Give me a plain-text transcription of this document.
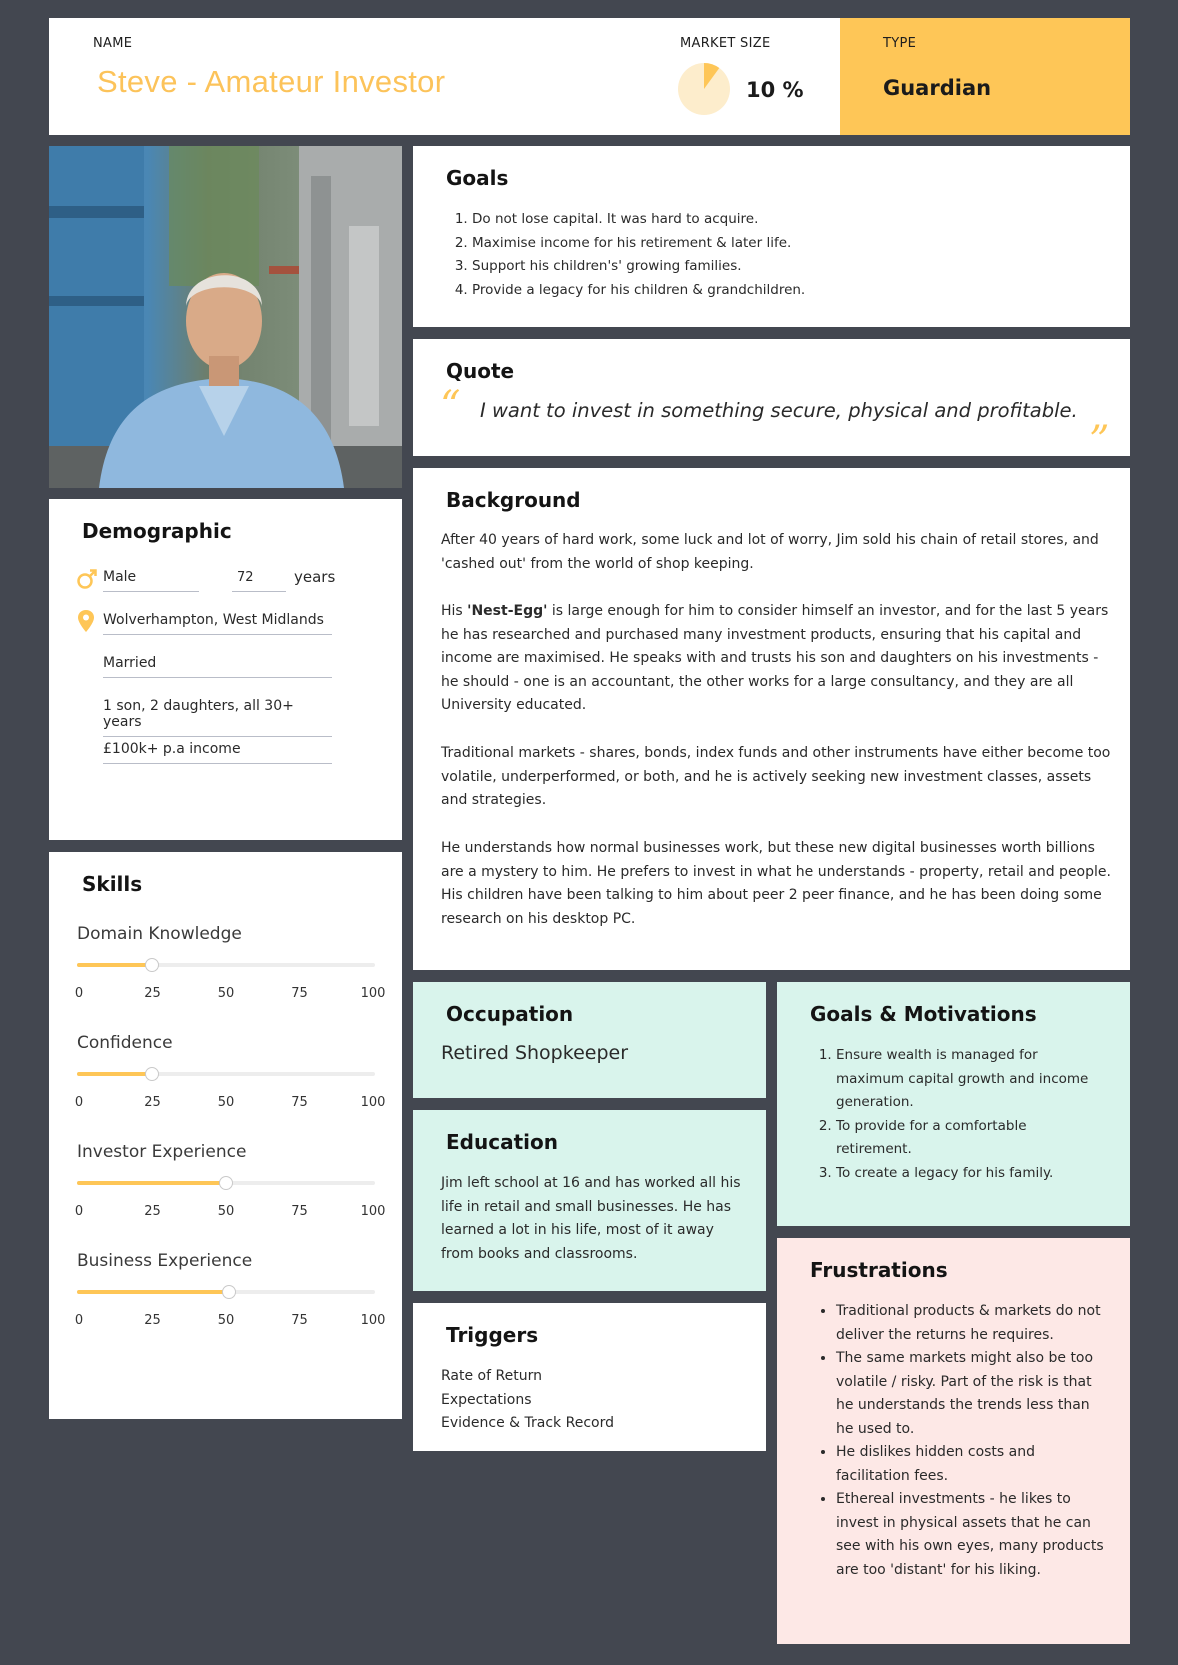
NAME
Steve - Amateur Investor
MARKET SIZE
10 %
TYPE
Guardian
Demographic
Male	72	years
Wolverhampton, West Midlands
Married
1 son, 2 daughters, all 30+ years
£100k+ p.a income
Skills
Domain Knowledge
0	25	50	75	100
Confidence
0	25	50	75	100
Investor Experience
0	25	50	75	100
Business Experience
0	25	50	75	100
Goals
1. Do not lose capital. It was hard to acquire.
2. Maximise income for his retirement & later life.
3. Support his children's' growing families.
4. Provide a legacy for his children & grandchildren.
Quote
“ I want to invest in something secure, physical and profitable.
”
Background

After 40 years of hard work, some luck and lot of worry, Jim sold his chain of retail stores, and 'cashed out' from the world of shop keeping.

His 'Nest-Egg' is large enough for him to consider himself an investor, and for the last 5 years he has researched and purchased many investment products, ensuring that his capital and income are maximised. He speaks with and trusts his son and daughters on his investments - he should - one is an accountant, the other works for a large consultancy, and they are all University educated.

Traditional markets - shares, bonds, index funds and other instruments have either become too volatile, underperformed, or both, and he is actively seeking new investment classes, assets and strategies.

He understands how normal businesses work, but these new digital businesses worth billions are a mystery to him. He prefers to invest in what he understands - property, retail and people. His children have been talking to him about peer 2 peer finance, and he has been doing some research on his desktop PC.

Occupation
Retired Shopkeeper
Education

Jim left school at 16 and has worked all his life in retail and small businesses. He has learned a lot in his life, most of it away from books and classrooms.

Triggers
Rate of Return
Expectations
Evidence & Track Record
Goals & Motivations
1. Ensure wealth is managed for maximum capital growth and income generation.
2. To provide for a comfortable retirement.
3. To create a legacy for his family.
Frustrations
• Traditional products & markets do not deliver the returns he requires.
• The same markets might also be too volatile / risky. Part of the risk is that he understands the trends less than he used to.
• He dislikes hidden costs and facilitation fees.
• Ethereal investments - he likes to invest in physical assets that he can see with his own eyes, many products are too 'distant' for his liking.
